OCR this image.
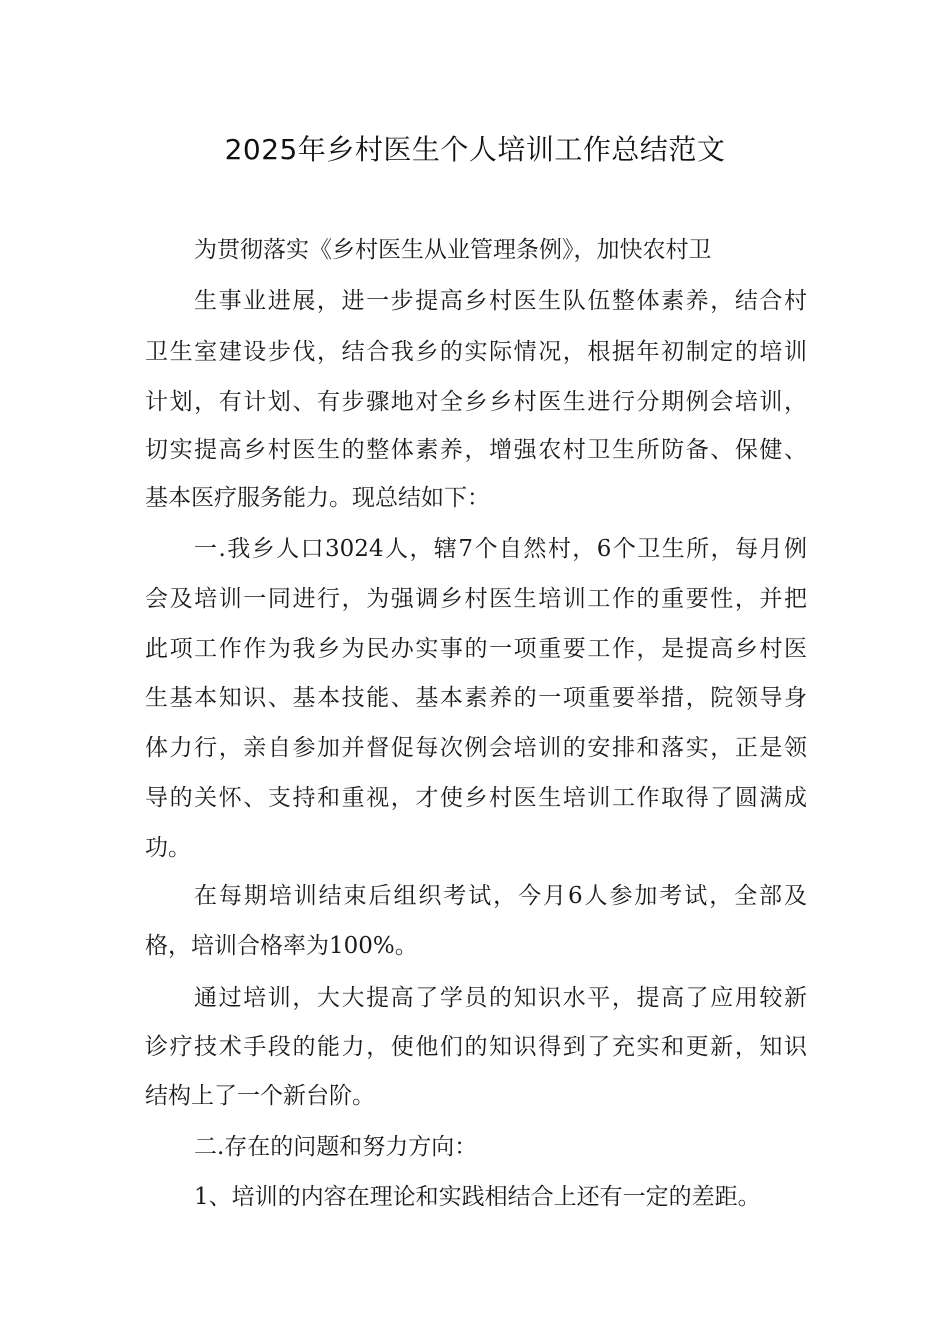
2025年乡村医生个人培训工作总结范文
为贯彻落实《乡村医生从业管理条例》，加快农村卫
生事业进展，进一步提高乡村医生队伍整体素养，结合村
卫生室建设步伐，结合我乡的实际情况，根据年初制定的培训
计划，有计划、有步骤地对全乡乡村医生进行分期例会培训，
切实提高乡村医生的整体素养，增强农村卫生所防备、保健、
基本医疗服务能力。现总结如下：
一.我乡人口3024人，辖7个自然村，6个卫生所，每月例
会及培训一同进行，为强调乡村医生培训工作的重要性，并把
此项工作作为我乡为民办实事的一项重要工作，是提高乡村医
生基本知识、基本技能、基本素养的一项重要举措，院领导身
体力行，亲自参加并督促每次例会培训的安排和落实，正是领
导的关怀、支持和重视，才使乡村医生培训工作取得了圆满成
功。
在每期培训结束后组织考试，今月6人参加考试，全部及
格，培训合格率为100%。
通过培训，大大提高了学员的知识水平，提高了应用较新
诊疗技术手段的能力，使他们的知识得到了充实和更新，知识
结构上了一个新台阶。
二.存在的问题和努力方向：
1、培训的内容在理论和实践相结合上还有一定的差距。
